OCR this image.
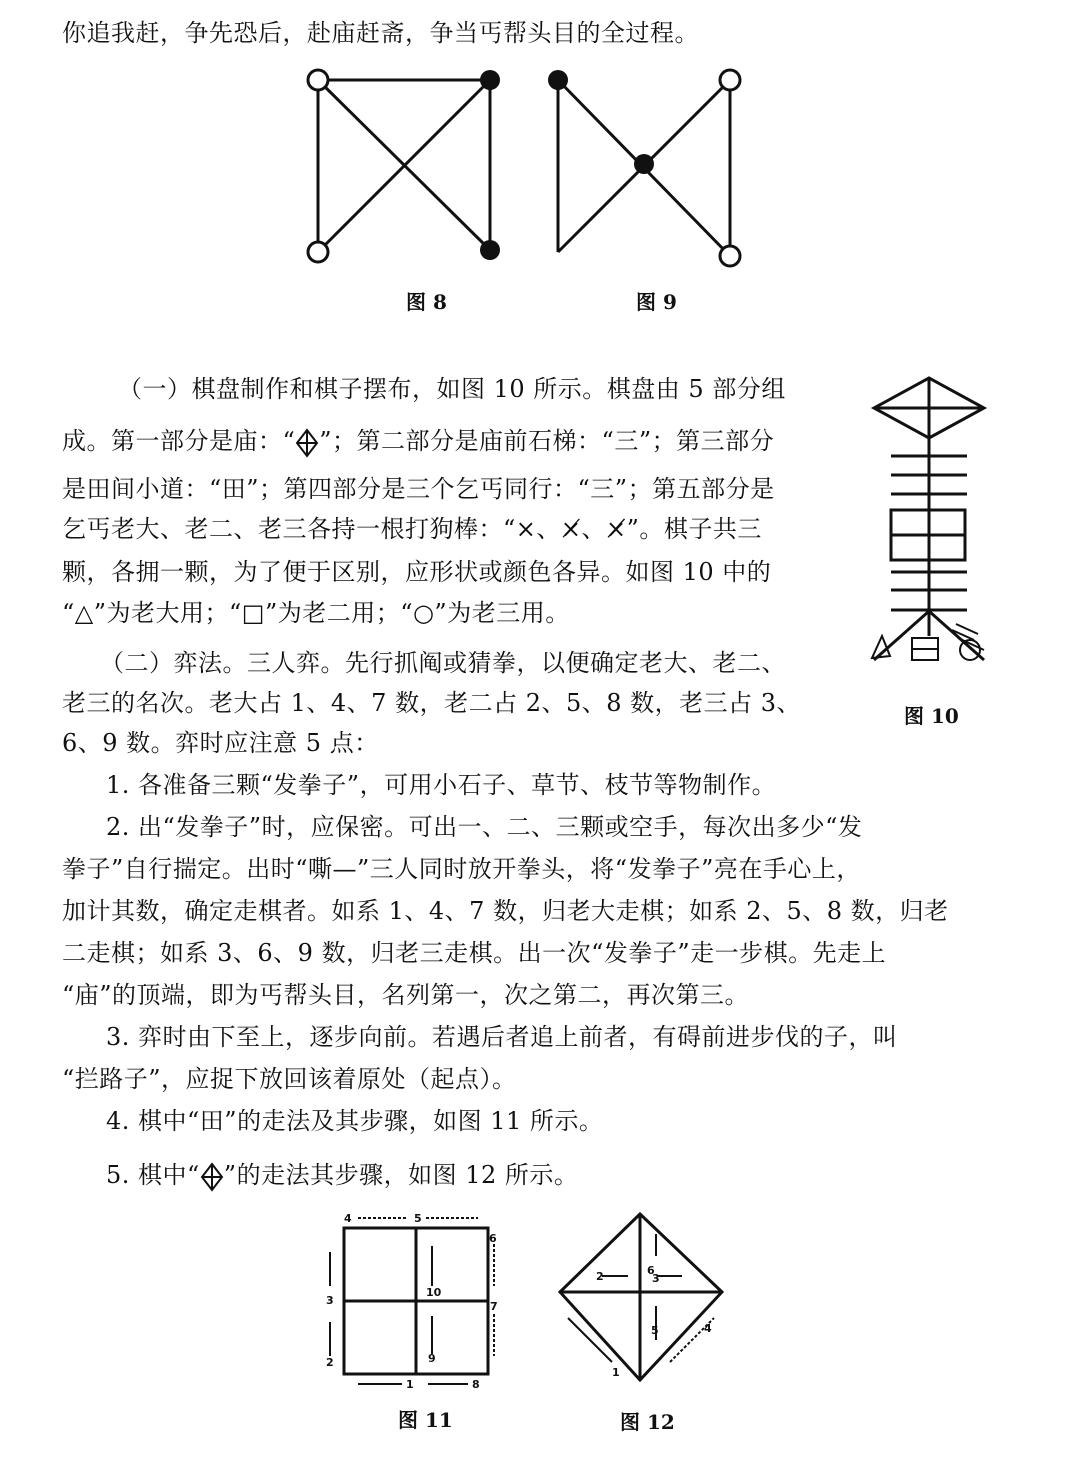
你追我赶，争先恐后，赴庙赶斋，争当丐帮头目的全过程。
图 8	图 9
（一）棋盘制作和棋子摆布，如图 10 所示。棋盘由 5 部分组
成。第一部分是庙：“ ”；第二部分是庙前石梯：“三”；第三部分
是田间小道：“田”；第四部分是三个乞丐同行：“三”；第五部分是
乞丐老大、老二、老三各持一根打狗棒：“×、×̸、×̸̸”。棋子共三
颗，各拥一颗，为了便于区别，应形状或颜色各异。如图 10 中的
“△”为老大用；“□”为老二用；“○”为老三用。
图 10
（二）弈法。三人弈。先行抓阄或猜拳，以便确定老大、老二、
老三的名次。老大占 1、4、7 数，老二占 2、5、8 数，老三占 3、
6、9 数。弈时应注意 5 点：
1. 各准备三颗“发拳子”，可用小石子、草节、枝节等物制作。
2. 出“发拳子”时，应保密。可出一、二、三颗或空手，每次出多少“发
拳子”自行揣定。出时“嘶—”三人同时放开拳头，将“发拳子”亮在手心上，
加计其数，确定走棋者。如系 1、4、7 数，归老大走棋；如系 2、5、8 数，归老
二走棋；如系 3、6、9 数，归老三走棋。出一次“发拳子”走一步棋。先走上
“庙”的顶端，即为丐帮头目，名列第一，次之第二，再次第三。
3. 弈时由下至上，逐步向前。若遇后者追上前者，有碍前进步伐的子，叫
“拦路子”，应捉下放回该着原处（起点）。
4. 棋中“田”的走法及其步骤，如图 11 所示。
5. 棋中“ ”的走法其步骤，如图 12 所示。
4	5
6
3
10
7
2	9
1	8
图 11
2	6
3
5	4
1
图 12
